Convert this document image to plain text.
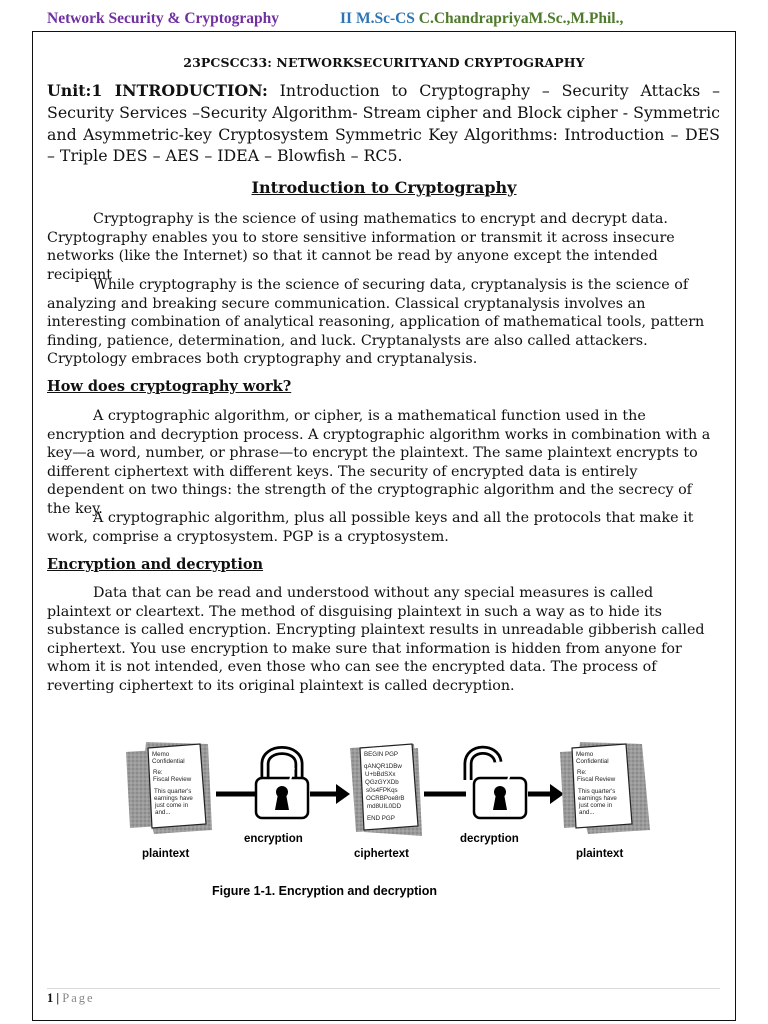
Network Security & Cryptography	II M.Sc-CS C.ChandrapriyaM.Sc.,M.Phil.,
23PCSCC33: NETWORKSECURITYAND CRYPTOGRAPHY
Unit:1 INTRODUCTION: Introduction to Cryptography – Security Attacks – Security Services –Security Algorithm- Stream cipher and Block cipher - Symmetric and Asymmetric-key Cryptosystem Symmetric Key Algorithms: Introduction – DES – Triple DES – AES – IDEA – Blowfish – RC5.
Introduction to Cryptography

Cryptography is the science of using mathematics to encrypt and decrypt data. Cryptography enables you to store sensitive information or transmit it across insecure networks (like the Internet) so that it cannot be read by anyone except the intended recipient

While cryptography is the science of securing data, cryptanalysis is the science of analyzing and breaking secure communication. Classical cryptanalysis involves an interesting combination of analytical reasoning, application of mathematical tools, pattern finding, patience, determination, and luck. Cryptanalysts are also called attackers. Cryptology embraces both cryptography and cryptanalysis.

How does cryptography work?

A cryptographic algorithm, or cipher, is a mathematical function used in the encryption and decryption process. A cryptographic algorithm works in combination with a key—a word, number, or phrase—to encrypt the plaintext. The same plaintext encrypts to different ciphertext with different keys. The security of encrypted data is entirely dependent on two things: the strength of the cryptographic algorithm and the secrecy of the key.

A cryptographic algorithm, plus all possible keys and all the protocols that make it work, comprise a cryptosystem. PGP is a cryptosystem.

Encryption and decryption

Data that can be read and understood without any special measures is called plaintext or cleartext. The method of disguising plaintext in such a way as to hide its substance is called encryption. Encrypting plaintext results in unreadable gibberish called ciphertext. You use encryption to make sure that information is hidden from anyone for whom it is not intended, even those who can see the encrypted data. The process of reverting ciphertext to its original plaintext is called decryption.

Memo Confidential Re: Fiscal Review This quarter's earnings have just come in and...
plaintext
encryption
BEGIN PGP qANQR1DBw U+bBdSXx QGzGYXDb s0s4FPKqs OCRBPoe8rB md8UIL0DD END PGP
ciphertext
decryption
Memo Confidential Re: Fiscal Review This quarter's earnings have just come in and...
plaintext
Figure 1-1. Encryption and decryption
1 | Page
